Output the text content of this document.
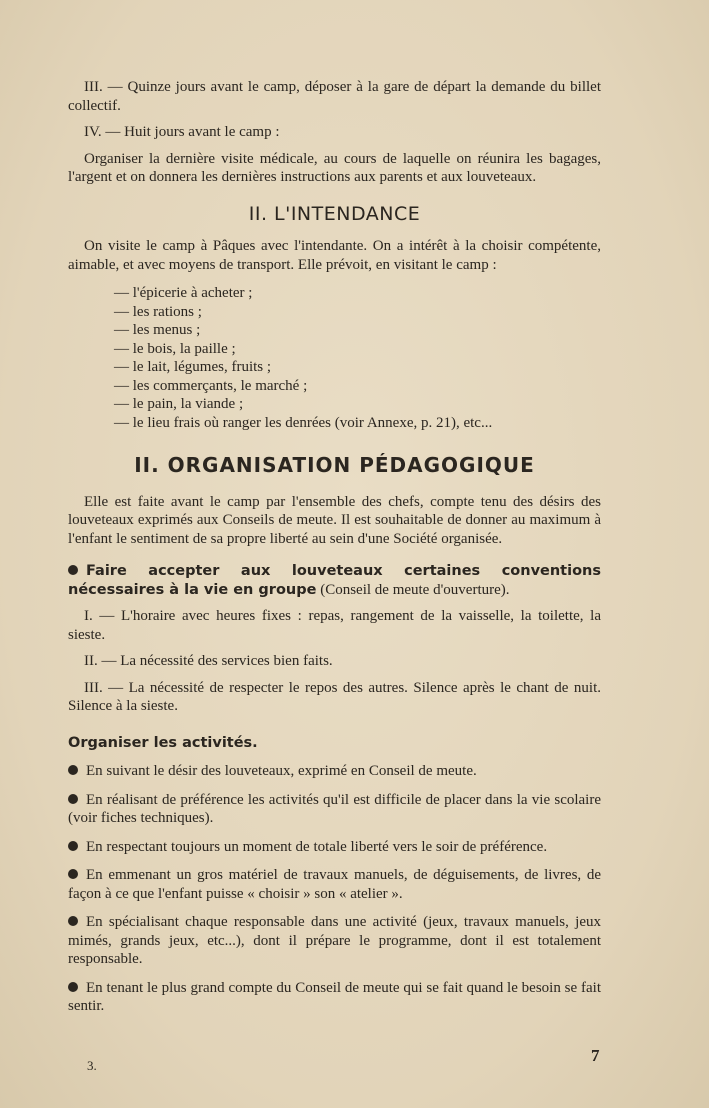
III. — Quinze jours avant le camp, déposer à la gare de départ la demande du billet collectif.

IV. — Huit jours avant le camp :

Organiser la dernière visite médicale, au cours de laquelle on réunira les bagages, l'argent et on donnera les dernières instructions aux parents et aux louveteaux.

II. L'INTENDANCE

On visite le camp à Pâques avec l'intendante. On a intérêt à la choisir compétente, aimable, et avec moyens de transport. Elle prévoit, en visitant le camp :

— l'épicerie à acheter ;
— les rations ;
— les menus ;
— le bois, la paille ;
— le lait, légumes, fruits ;
— les commerçants, le marché ;
— le pain, la viande ;
— le lieu frais où ranger les denrées (voir Annexe, p. 21), etc...
II. ORGANISATION PÉDAGOGIQUE

Elle est faite avant le camp par l'ensemble des chefs, compte tenu des désirs des louveteaux exprimés aux Conseils de meute. Il est souhaitable de donner au maximum à l'enfant le sentiment de sa propre liberté au sein d'une Société organisée.

Faire accepter aux louveteaux certaines conventions nécessaires à la vie en groupe (Conseil de meute d'ouverture).

I. — L'horaire avec heures fixes : repas, rangement de la vaisselle, la toilette, la sieste.

II. — La nécessité des services bien faits.

III. — La nécessité de respecter le repos des autres. Silence après le chant de nuit. Silence à la sieste.

Organiser les activités.

En suivant le désir des louveteaux, exprimé en Conseil de meute.

En réalisant de préférence les activités qu'il est difficile de placer dans la vie scolaire (voir fiches techniques).

En respectant toujours un moment de totale liberté vers le soir de préférence.

En emmenant un gros matériel de travaux manuels, de déguisements, de livres, de façon à ce que l'enfant puisse « choisir » son « atelier ».

En spécialisant chaque responsable dans une activité (jeux, travaux manuels, jeux mimés, grands jeux, etc...), dont il prépare le programme, dont il est totalement responsable.

En tenant le plus grand compte du Conseil de meute qui se fait quand le besoin se fait sentir.

3.
7
